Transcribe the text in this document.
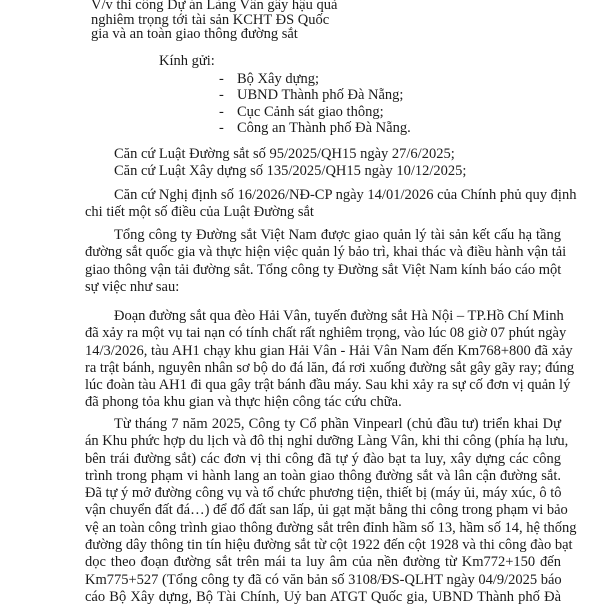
V/v thi công Dự án Làng Vân gây hậu quả
nghiêm trọng tới tài sản KCHT ĐS Quốc
gia và an toàn giao thông đường sắt
Kính gửi:
- Bộ Xây dựng;
- UBND Thành phố Đà Nẵng;
- Cục Cảnh sát giao thông;
- Công an Thành phố Đà Nẵng.
Căn cứ Luật Đường sắt số 95/2025/QH15 ngày 27/6/2025;
Căn cứ Luật Xây dựng số 135/2025/QH15 ngày 10/12/2025;
Căn cứ Nghị định số 16/2026/NĐ-CP ngày 14/01/2026 của Chính phủ quy định
chi tiết một số điều của Luật Đường sắt
Tổng công ty Đường sắt Việt Nam được giao quản lý tài sản kết cấu hạ tầng
đường sắt quốc gia và thực hiện việc quản lý bảo trì, khai thác và điều hành vận tải
giao thông vận tải đường sắt. Tổng công ty Đường sắt Việt Nam kính báo cáo một
sự việc như sau:
Đoạn đường sắt qua đèo Hải Vân, tuyến đường sắt Hà Nội – TP.Hồ Chí Minh
đã xảy ra một vụ tai nạn có tính chất rất nghiêm trọng, vào lúc 08 giờ 07 phút ngày
14/3/2026, tàu AH1 chạy khu gian Hải Vân - Hải Vân Nam đến Km768+800 đã xảy
ra trật bánh, nguyên nhân sơ bộ do đá lăn, đá rơi xuống đường sắt gây gãy ray; đúng
lúc đoàn tàu AH1 đi qua gây trật bánh đầu máy. Sau khi xảy ra sự cố đơn vị quản lý
đã phong tỏa khu gian và thực hiện công tác cứu chữa.
Từ tháng 7 năm 2025, Công ty Cổ phần Vinpearl (chủ đầu tư) triển khai Dự
án Khu phức hợp du lịch và đô thị nghỉ dưỡng Làng Vân, khi thi công (phía hạ lưu,
bên trái đường sắt) các đơn vị thi công đã tự ý đào bạt ta luy, xây dựng các công
trình trong phạm vi hành lang an toàn giao thông đường sắt và lân cận đường sắt.
Đã tự ý mở đường công vụ và tổ chức phương tiện, thiết bị (máy ủi, máy xúc, ô tô
vận chuyển đất đá…) để đổ đất san lấp, ủi gạt mặt bằng thi công trong phạm vi bảo
vệ an toàn công trình giao thông đường sắt trên đỉnh hầm số 13, hầm số 14, hệ thống
đường dây thông tin tín hiệu đường sắt từ cột 1922 đến cột 1928 và thi công đào bạt
dọc theo đoạn đường sắt trên mái ta luy âm của nền đường từ Km772+150 đến
Km775+527 (Tổng công ty đã có văn bản số 3108/ĐS-QLHT ngày 04/9/2025 báo
cáo Bộ Xây dựng, Bộ Tài Chính, Uỷ ban ATGT Quốc gia, UBND Thành phố Đà
